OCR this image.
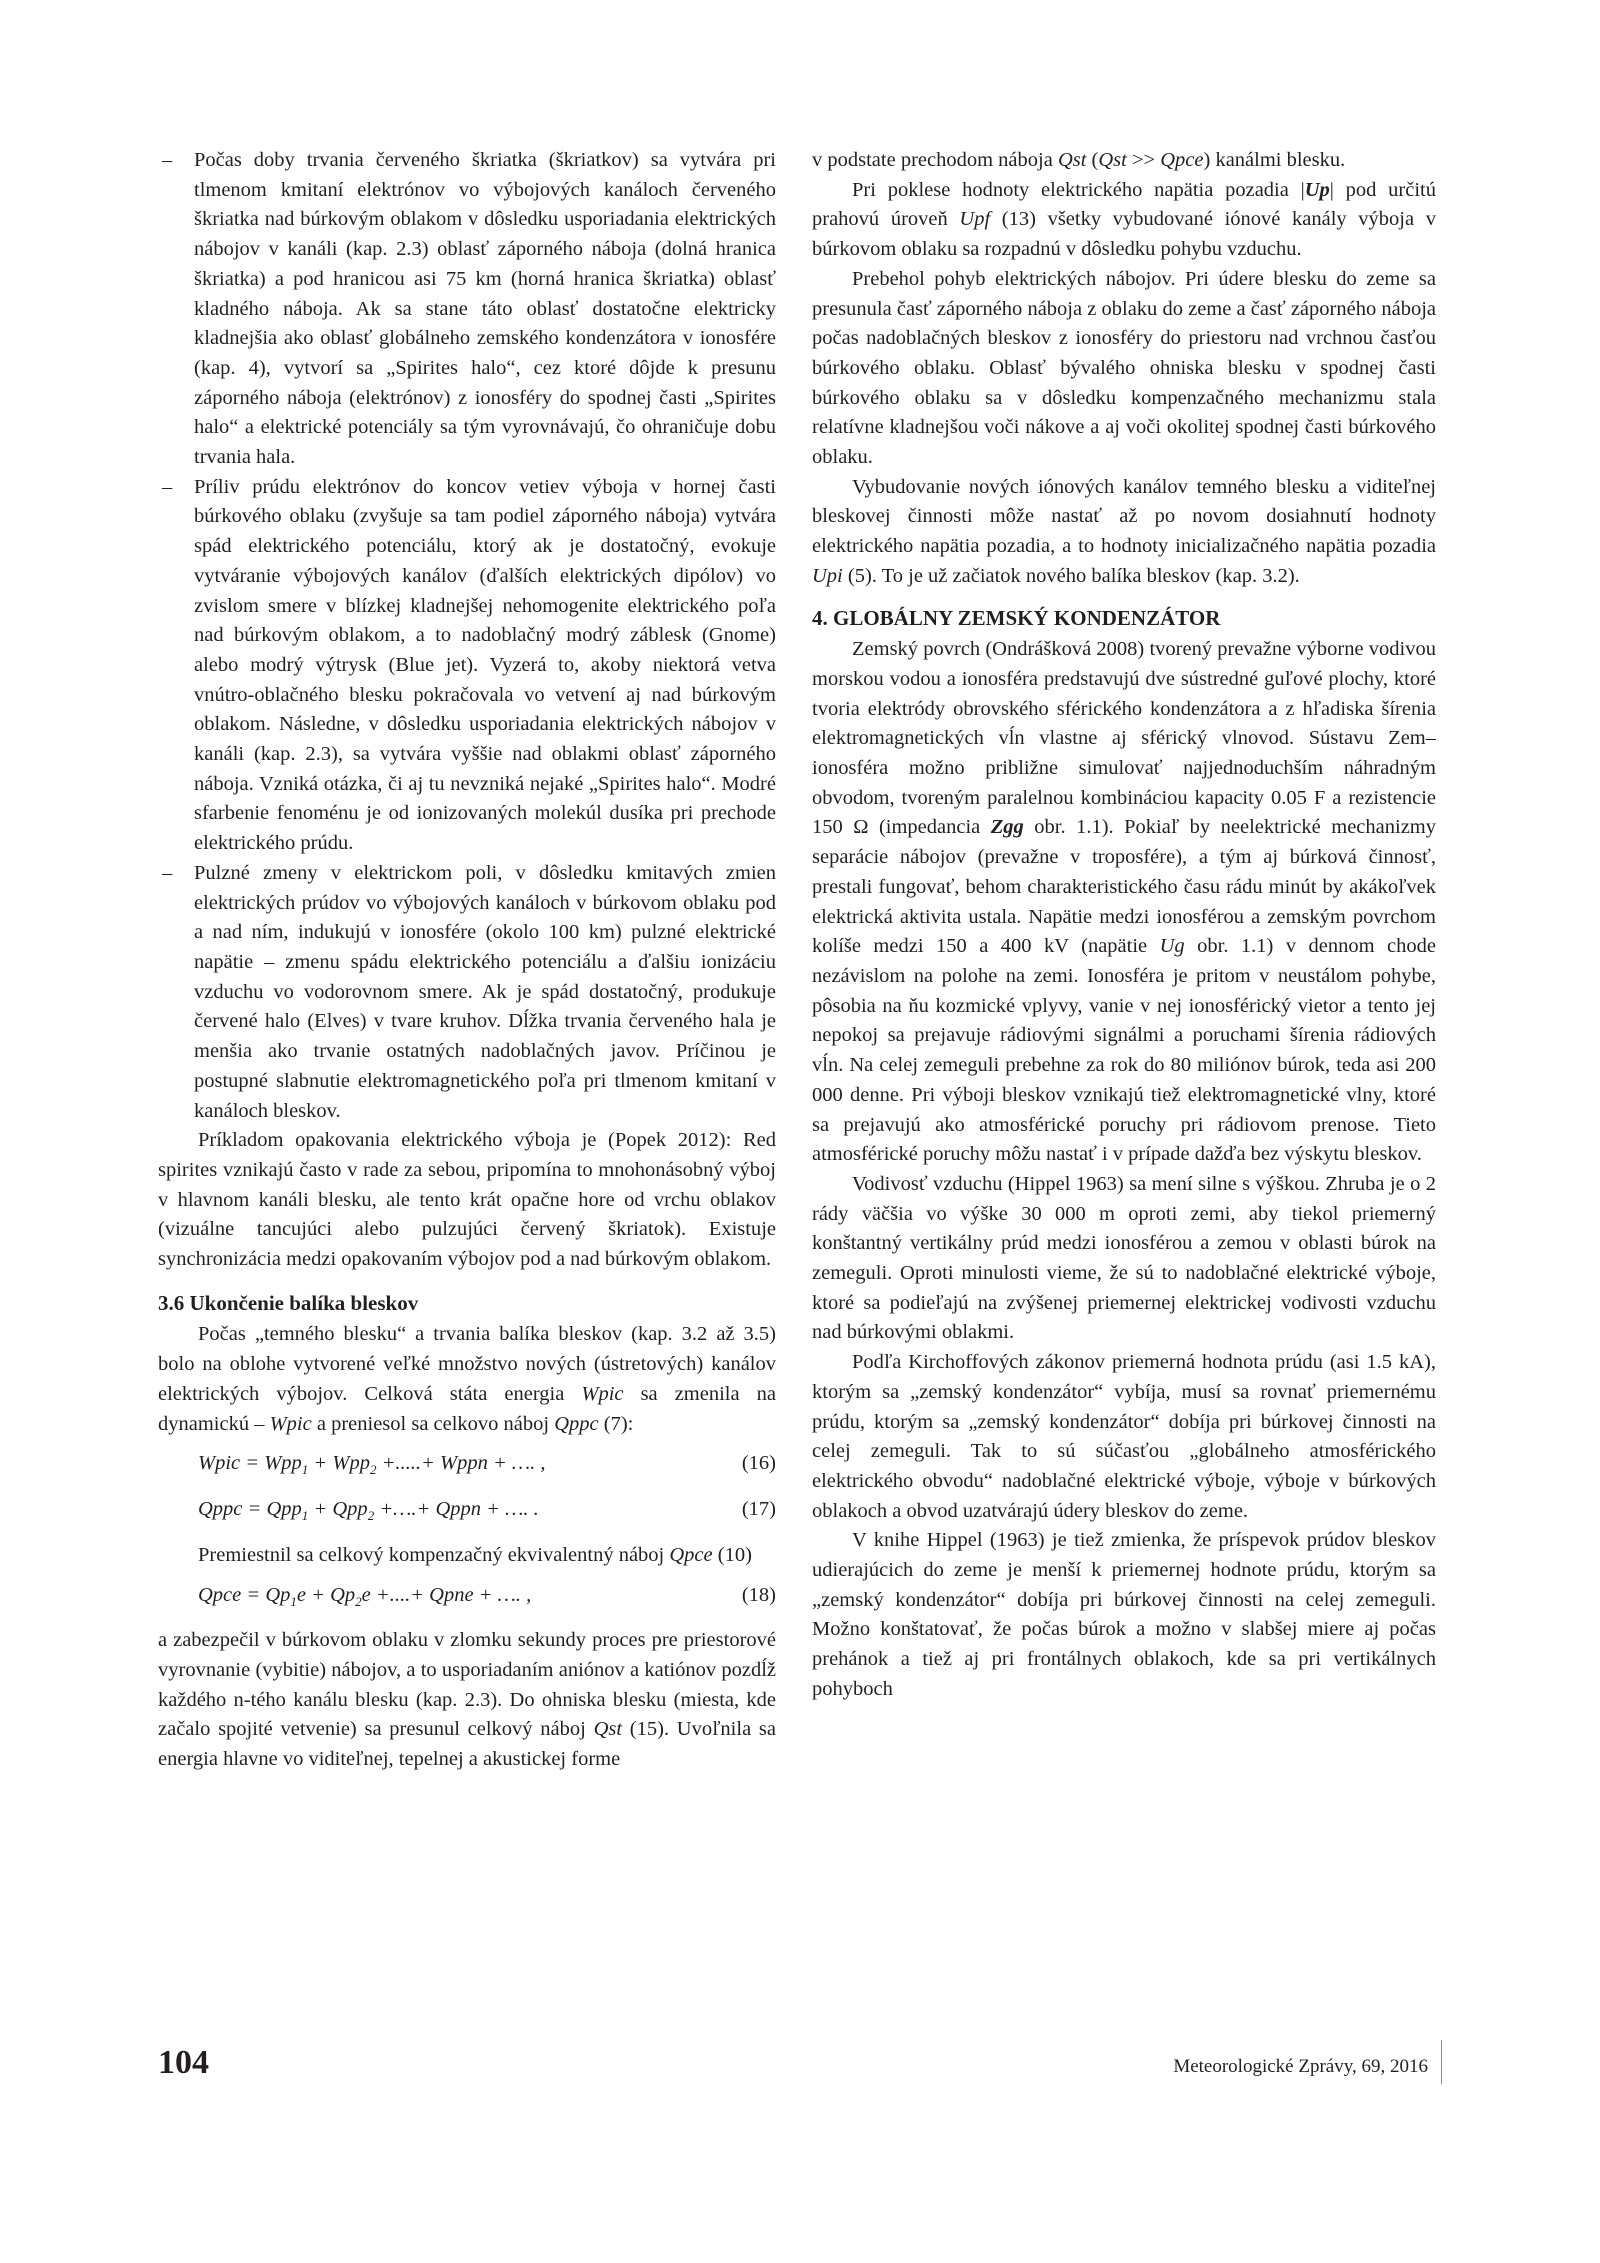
– Počas doby trvania červeného škriatka (škriatkov) sa vytvára pri tlmenom kmitaní elektrónov vo výbojových kanáloch červeného škriatka nad búrkovým oblakom v dôsledku usporiadania elektrických nábojov v kanáli (kap. 2.3) oblasť záporného náboja (dolná hranica škriatka) a pod hranicou asi 75 km (horná hranica škriatka) oblasť kladného náboja. Ak sa stane táto oblasť dostatočne elektricky kladnejšia ako oblasť globálneho zemského kondenzátora v ionosfére (kap. 4), vytvorí sa „Spirites halo“, cez ktoré dôjde k presunu záporného náboja (elektrónov) z ionosféry do spodnej časti „Spirites halo“ a elektrické potenciály sa tým vyrovnávajú, čo ohraničuje dobu trvania hala.
– Príliv prúdu elektrónov do koncov vetiev výboja v hornej časti búrkového oblaku (zvyšuje sa tam podiel záporného náboja) vytvára spád elektrického potenciálu, ktorý ak je dostatočný, evokuje vytváranie výbojových kanálov (ďalších elektrických dipólov) vo zvislom smere v blízkej kladnejšej nehomogenite elektrického poľa nad búrkovým oblakom, a to nadoblačný modrý záblesk (Gnome) alebo modrý výtrysk (Blue jet). Vyzerá to, akoby niektorá vetva vnútro-oblačného blesku pokračovala vo vetvení aj nad búrkovým oblakom. Následne, v dôsledku usporiadania elektrických nábojov v kanáli (kap. 2.3), sa vytvára vyššie nad oblakmi oblasť záporného náboja. Vzniká otázka, či aj tu nevzniká nejaké „Spirites halo“. Modré sfarbenie fenoménu je od ionizovaných molekúl dusíka pri prechode elektrického prúdu.
– Pulzné zmeny v elektrickom poli, v dôsledku kmitavých zmien elektrických prúdov vo výbojových kanáloch v búrkovom oblaku pod a nad ním, indukujú v ionosfére (okolo 100 km) pulzné elektrické napätie – zmenu spádu elektrického potenciálu a ďalšiu ionizáciu vzduchu vo vodorovnom smere. Ak je spád dostatočný, produkuje červené halo (Elves) v tvare kruhov. Dĺžka trvania červeného hala je menšia ako trvanie ostatných nadoblačných javov. Príčinou je postupné slabnutie elektromagnetického poľa pri tlmenom kmitaní v kanáloch bleskov.

Príkladom opakovania elektrického výboja je (Popek 2012): Red spirites vznikajú často v rade za sebou, pripomína to mnohonásobný výboj v hlavnom kanáli blesku, ale tento krát opačne hore od vrchu oblakov (vizuálne tancujúci alebo pulzujúci červený škriatok). Existuje synchronizácia medzi opakovaním výbojov pod a nad búrkovým oblakom.

3.6 Ukončenie balíka bleskov

Počas „temného blesku“ a trvania balíka bleskov (kap. 3.2 až 3.5) bolo na oblohe vytvorené veľké množstvo nových (ústretových) kanálov elektrických výbojov. Celková státa energia Wpic sa zmenila na dynamickú – Wpic a preniesol sa celkovo náboj Qppc (7):

Wpic = Wpp$_1$ + Wpp$_2$ +.....+ Wppn + …. ,	(16)
Qppc = Qpp$_1$ + Qpp$_2$ +….+ Qppn + …. .	(17)

Premiestnil sa celkový kompenzačný ekvivalentný náboj Qpce (10)

Qpce = $Qp_1e + Qp_2e$ +....+ Qpne + …. ,	(18)

a zabezpečil v búrkovom oblaku v zlomku sekundy proces pre priestorové vyrovnanie (vybitie) nábojov, a to usporiadaním aniónov a katiónov pozdĺž každého n-tého kanálu blesku (kap. 2.3). Do ohniska blesku (miesta, kde začalo spojité vetvenie) sa presunul celkový náboj Qst (15). Uvoľnila sa energia hlavne vo viditeľnej, tepelnej a akustickej forme

v podstate prechodom náboja Qst (Qst >> Qpce) kanálmi blesku.

Pri poklese hodnoty elektrického napätia pozadia |Up| pod určitú prahovú úroveň Upf (13) všetky vybudované iónové kanály výboja v búrkovom oblaku sa rozpadnú v dôsledku pohybu vzduchu.

Prebehol pohyb elektrických nábojov. Pri údere blesku do zeme sa presunula časť záporného náboja z oblaku do zeme a časť záporného náboja počas nadoblačných bleskov z ionosféry do priestoru nad vrchnou časťou búrkového oblaku. Oblasť bývalého ohniska blesku v spodnej časti búrkového oblaku sa v dôsledku kompenzačného mechanizmu stala relatívne kladnejšou voči nákove a aj voči okolitej spodnej časti búrkového oblaku.

Vybudovanie nových iónových kanálov temného blesku a viditeľnej bleskovej činnosti môže nastať až po novom dosiahnutí hodnoty elektrického napätia pozadia, a to hodnoty inicializačného napätia pozadia Upi (5). To je už začiatok nového balíka bleskov (kap. 3.2).

4. GLOBÁLNY ZEMSKÝ KONDENZÁTOR

Zemský povrch (Ondrášková 2008) tvorený prevažne výborne vodivou morskou vodou a ionosféra predstavujú dve sústredné guľové plochy, ktoré tvoria elektródy obrovského sférického kondenzátora a z hľadiska šírenia elektromagnetických vĺn vlastne aj sférický vlnovod. Sústavu Zem–ionosféra možno približne simulovať najjednoduchším náhradným obvodom, tvoreným paralelnou kombináciou kapacity 0.05 F a rezistencie 150 Ω (impedancia Zgg obr. 1.1). Pokiaľ by neelektrické mechanizmy separácie nábojov (prevažne v troposfére), a tým aj búrková činnosť, prestali fungovať, behom charakteristického času rádu minút by akákoľvek elektrická aktivita ustala. Napätie medzi ionosférou a zemským povrchom kolíše medzi 150 a 400 kV (napätie Ug obr. 1.1) v dennom chode nezávislom na polohe na zemi. Ionosféra je pritom v neustálom pohybe, pôsobia na ňu kozmické vplyvy, vanie v nej ionosférický vietor a tento jej nepokoj sa prejavuje rádiovými signálmi a poruchami šírenia rádiových vĺn. Na celej zemeguli prebehne za rok do 80 miliónov búrok, teda asi 200 000 denne. Pri výboji bleskov vznikajú tiež elektromagnetické vlny, ktoré sa prejavujú ako atmosférické poruchy pri rádiovom prenose. Tieto atmosférické poruchy môžu nastať i v prípade dažďa bez výskytu bleskov.

Vodivosť vzduchu (Hippel 1963) sa mení silne s výškou. Zhruba je o 2 rády väčšia vo výške 30 000 m oproti zemi, aby tiekol priemerný konštantný vertikálny prúd medzi ionosférou a zemou v oblasti búrok na zemeguli. Oproti minulosti vieme, že sú to nadoblačné elektrické výboje, ktoré sa podieľajú na zvýšenej priemernej elektrickej vodivosti vzduchu nad búrkovými oblakmi.

Podľa Kirchoffových zákonov priemerná hodnota prúdu (asi 1.5 kA), ktorým sa „zemský kondenzátor“ vybíja, musí sa rovnať priemernému prúdu, ktorým sa „zemský kondenzátor“ dobíja pri búrkovej činnosti na celej zemeguli. Tak to sú súčasťou „globálneho atmosférického elektrického obvodu“ nadoblačné elektrické výboje, výboje v búrkových oblakoch a obvod uzatvárajú údery bleskov do zeme.

V knihe Hippel (1963) je tiež zmienka, že príspevok prúdov bleskov udierajúcich do zeme je menší k priemernej hodnote prúdu, ktorým sa „zemský kondenzátor“ dobíja pri búrkovej činnosti na celej zemeguli. Možno konštatovať, že počas búrok a možno v slabšej miere aj počas prehánok a tiež aj pri frontálnych oblakoch, kde sa pri vertikálnych pohyboch

104	Meteorologické Zprávy, 69, 2016
